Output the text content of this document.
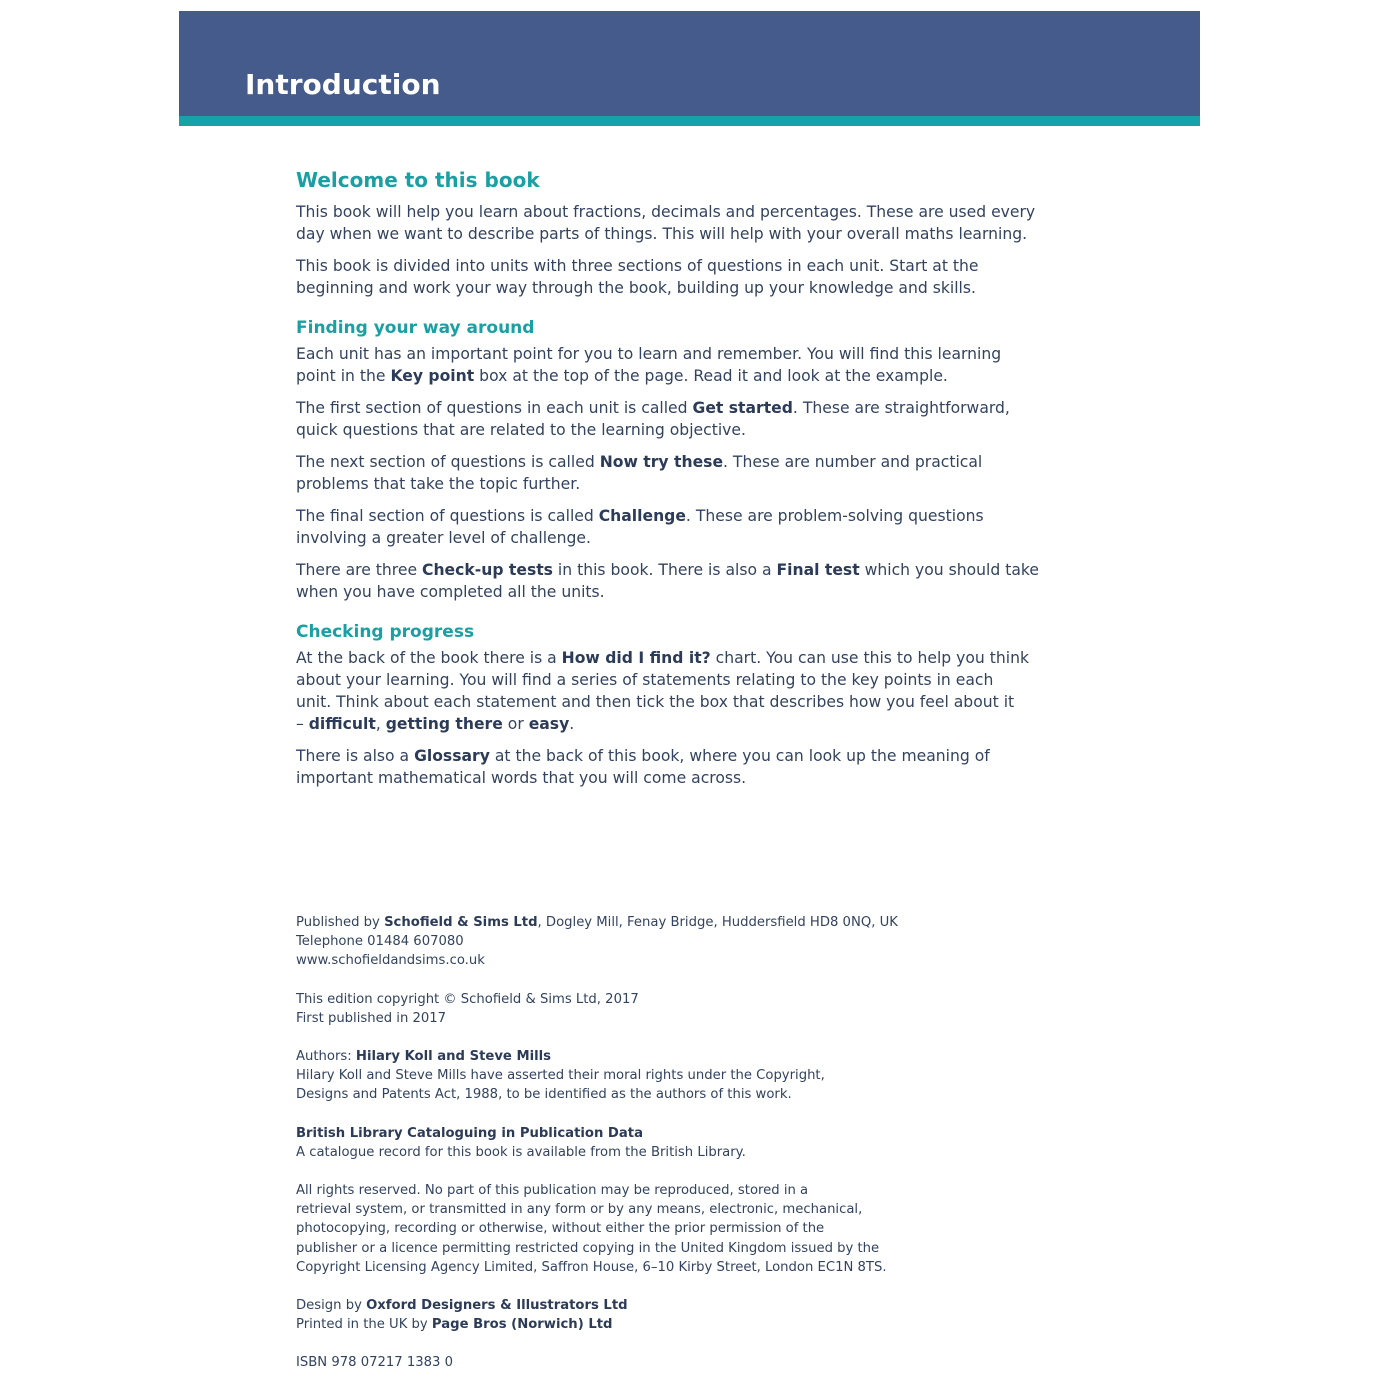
Introduction
Welcome to this book

This book will help you learn about fractions, decimals and percentages. These are used every

day when we want to describe parts of things. This will help with your overall maths learning.

This book is divided into units with three sections of questions in each unit. Start at the

beginning and work your way through the book, building up your knowledge and skills.

Finding your way around

Each unit has an important point for you to learn and remember. You will find this learning

point in the Key point box at the top of the page. Read it and look at the example.

The first section of questions in each unit is called Get started. These are straightforward,

quick questions that are related to the learning objective.

The next section of questions is called Now try these. These are number and practical

problems that take the topic further.

The final section of questions is called Challenge. These are problem-solving questions

involving a greater level of challenge.

There are three Check-up tests in this book. There is also a Final test which you should take

when you have completed all the units.

Checking progress

At the back of the book there is a How did I find it? chart. You can use this to help you think

about your learning. You will find a series of statements relating to the key points in each

unit. Think about each statement and then tick the box that describes how you feel about it

– difficult, getting there or easy.

There is also a Glossary at the back of this book, where you can look up the meaning of

important mathematical words that you will come across.

Published by Schofield & Sims Ltd, Dogley Mill, Fenay Bridge, Huddersfield HD8 0NQ, UK

Telephone 01484 607080

www.schofieldandsims.co.uk

This edition copyright © Schofield & Sims Ltd, 2017

First published in 2017

Authors: Hilary Koll and Steve Mills

Hilary Koll and Steve Mills have asserted their moral rights under the Copyright,

Designs and Patents Act, 1988, to be identified as the authors of this work.

British Library Cataloguing in Publication Data

A catalogue record for this book is available from the British Library.

All rights reserved. No part of this publication may be reproduced, stored in a

retrieval system, or transmitted in any form or by any means, electronic, mechanical,

photocopying, recording or otherwise, without either the prior permission of the

publisher or a licence permitting restricted copying in the United Kingdom issued by the

Copyright Licensing Agency Limited, Saffron House, 6–10 Kirby Street, London EC1N 8TS.

Design by Oxford Designers & Illustrators Ltd

Printed in the UK by Page Bros (Norwich) Ltd

ISBN 978 07217 1383 0
